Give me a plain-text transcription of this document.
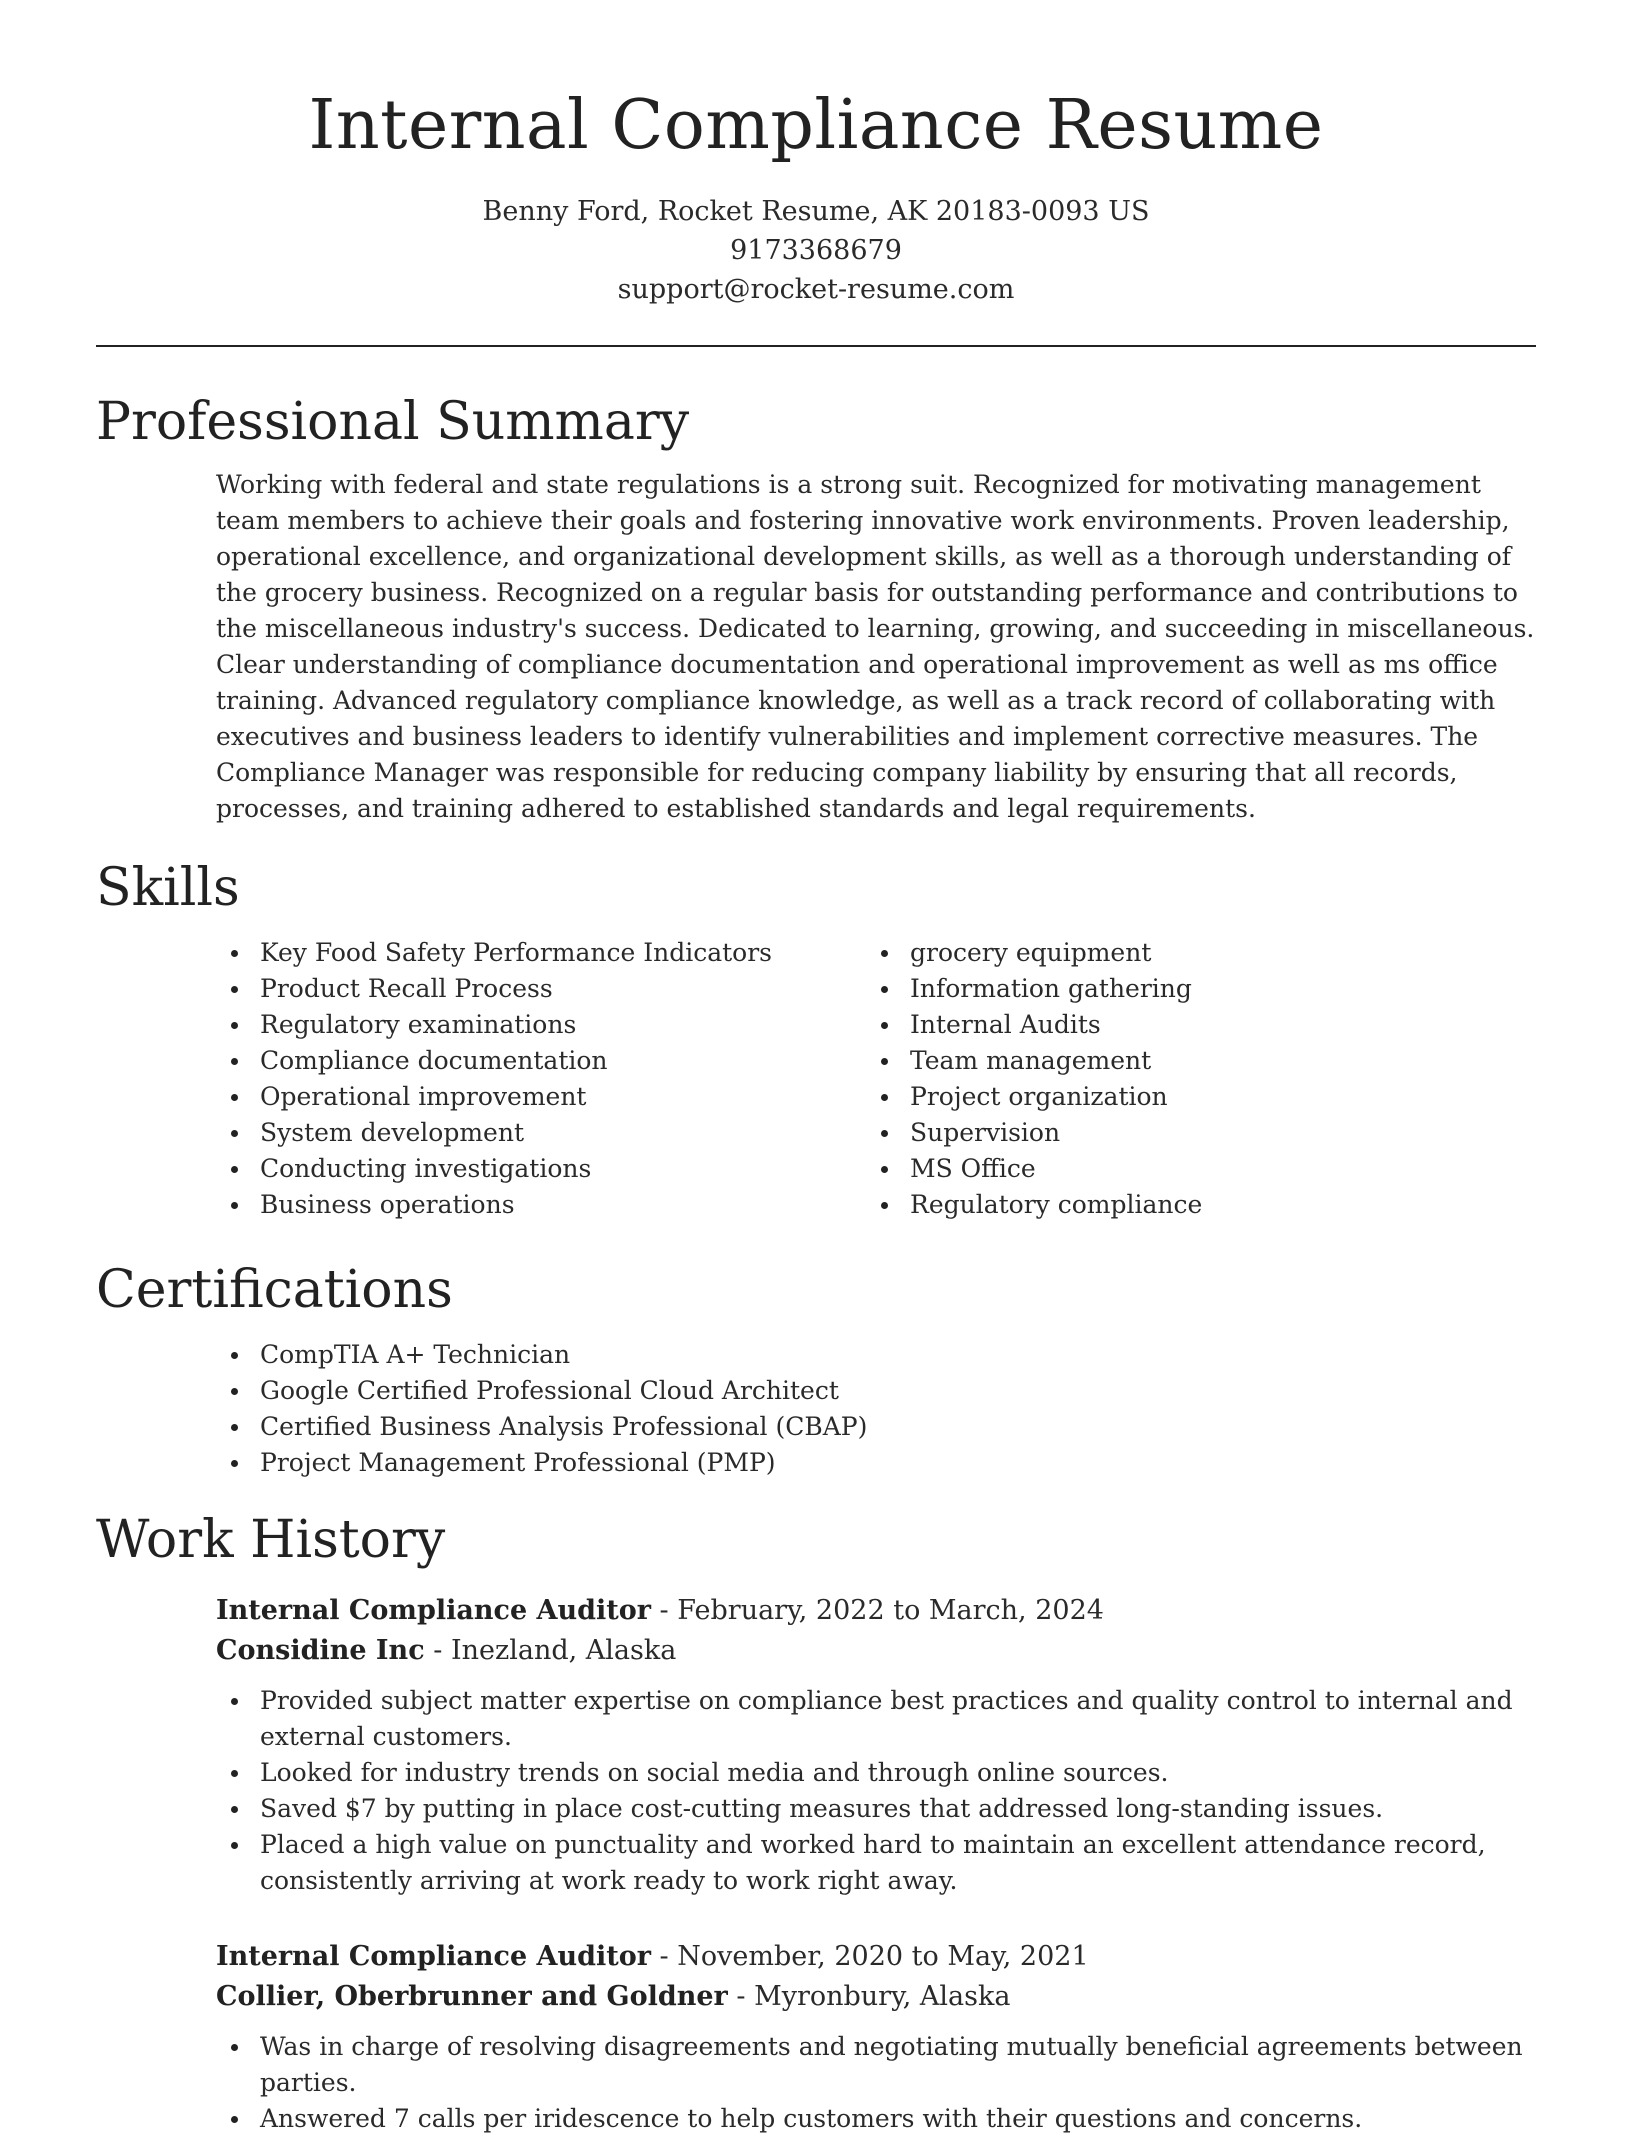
Internal Compliance Resume
Benny Ford, Rocket Resume, AK 20183-0093 US
9173368679
support@rocket-resume.com
Professional Summary

Working with federal and state regulations is a strong suit. Recognized for motivating management team members to achieve their goals and fostering innovative work environments. Proven leadership, operational excellence, and organizational development skills, as well as a thorough understanding of the grocery business. Recognized on a regular basis for outstanding performance and contributions to the miscellaneous industry's success. Dedicated to learning, growing, and succeeding in miscellaneous. Clear understanding of compliance documentation and operational improvement as well as ms office training. Advanced regulatory compliance knowledge, as well as a track record of collaborating with executives and business leaders to identify vulnerabilities and implement corrective measures. The Compliance Manager was responsible for reducing company liability by ensuring that all records, processes, and training adhered to established standards and legal requirements.

Skills
Key Food Safety Performance Indicators
Product Recall Process
Regulatory examinations
Compliance documentation
Operational improvement
System development
Conducting investigations
Business operations
grocery equipment
Information gathering
Internal Audits
Team management
Project organization
Supervision
MS Office
Regulatory compliance
Certifications
CompTIA A+ Technician
Google Certified Professional Cloud Architect
Certified Business Analysis Professional (CBAP)
Project Management Professional (PMP)
Work History
Internal Compliance Auditor - February, 2022 to March, 2024
Considine Inc - Inezland, Alaska
Provided subject matter expertise on compliance best practices and quality control to internal and external customers.
Looked for industry trends on social media and through online sources.
Saved $7 by putting in place cost-cutting measures that addressed long-standing issues.
Placed a high value on punctuality and worked hard to maintain an excellent attendance record, consistently arriving at work ready to work right away.
Internal Compliance Auditor - November, 2020 to May, 2021
Collier, Oberbrunner and Goldner - Myronbury, Alaska
Was in charge of resolving disagreements and negotiating mutually beneficial agreements between parties.
Answered 7 calls per iridescence to help customers with their questions and concerns.
